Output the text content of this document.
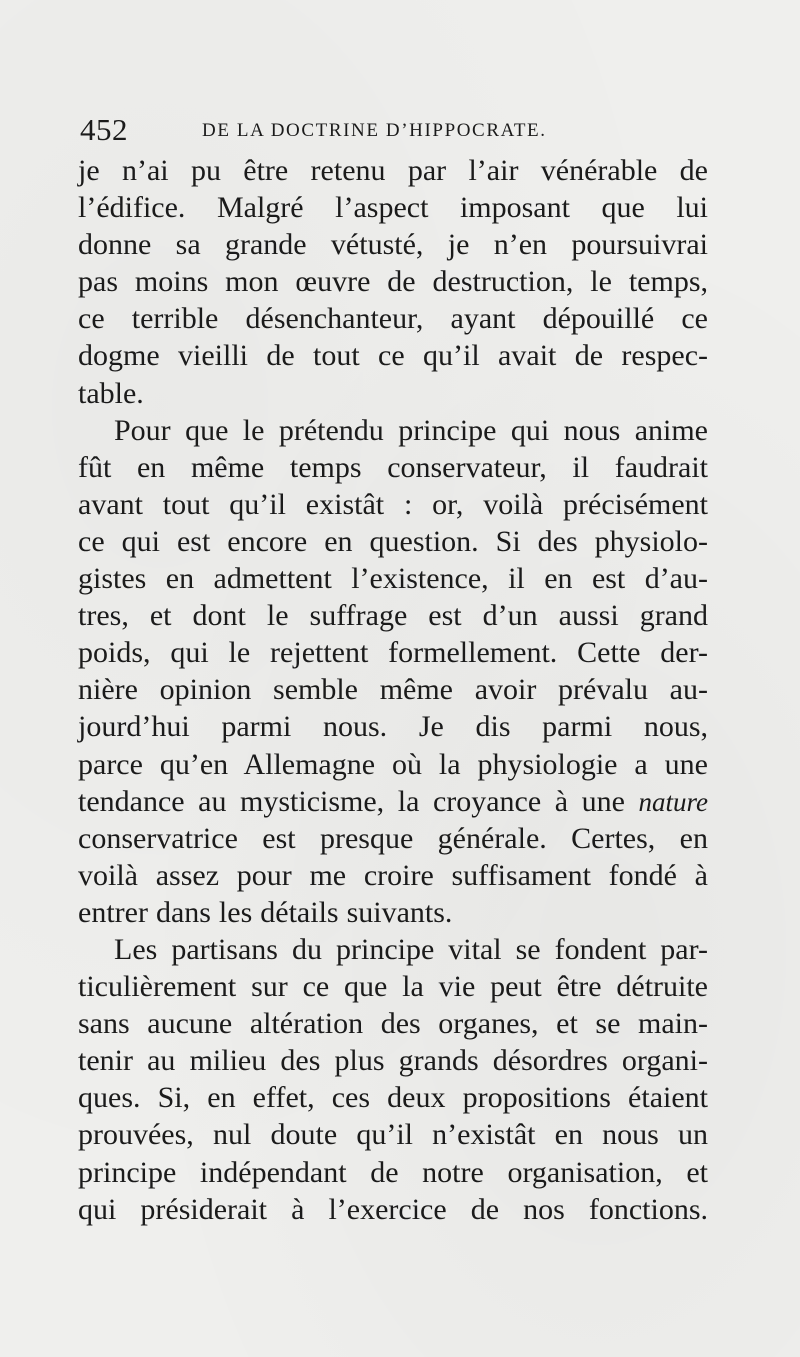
452	DE LA DOCTRINE D’HIPPOCRATE.
je n’ai pu être retenu par l’air vénérable de
l’édifice. Malgré l’aspect imposant que lui
donne sa grande vétusté, je n’en poursuivrai
pas moins mon œuvre de destruction, le temps,
ce terrible désenchanteur, ayant dépouillé ce
dogme vieilli de tout ce qu’il avait de respec-
table.
Pour que le prétendu principe qui nous anime
fût en même temps conservateur, il faudrait
avant tout qu’il existât : or, voilà précisément
ce qui est encore en question. Si des physiolo-
gistes en admettent l’existence, il en est d’au-
tres, et dont le suffrage est d’un aussi grand
poids, qui le rejettent formellement. Cette der-
nière opinion semble même avoir prévalu au-
jourd’hui parmi nous. Je dis parmi nous,
parce qu’en Allemagne où la physiologie a une
tendance au mysticisme, la croyance à une nature
conservatrice est presque générale. Certes, en
voilà assez pour me croire suffisament fondé à
entrer dans les détails suivants.
Les partisans du principe vital se fondent par-
ticulièrement sur ce que la vie peut être détruite
sans aucune altération des organes, et se main-
tenir au milieu des plus grands désordres organi-
ques. Si, en effet, ces deux propositions étaient
prouvées, nul doute qu’il n’existât en nous un
principe indépendant de notre organisation, et
qui présiderait à l’exercice de nos fonctions.
